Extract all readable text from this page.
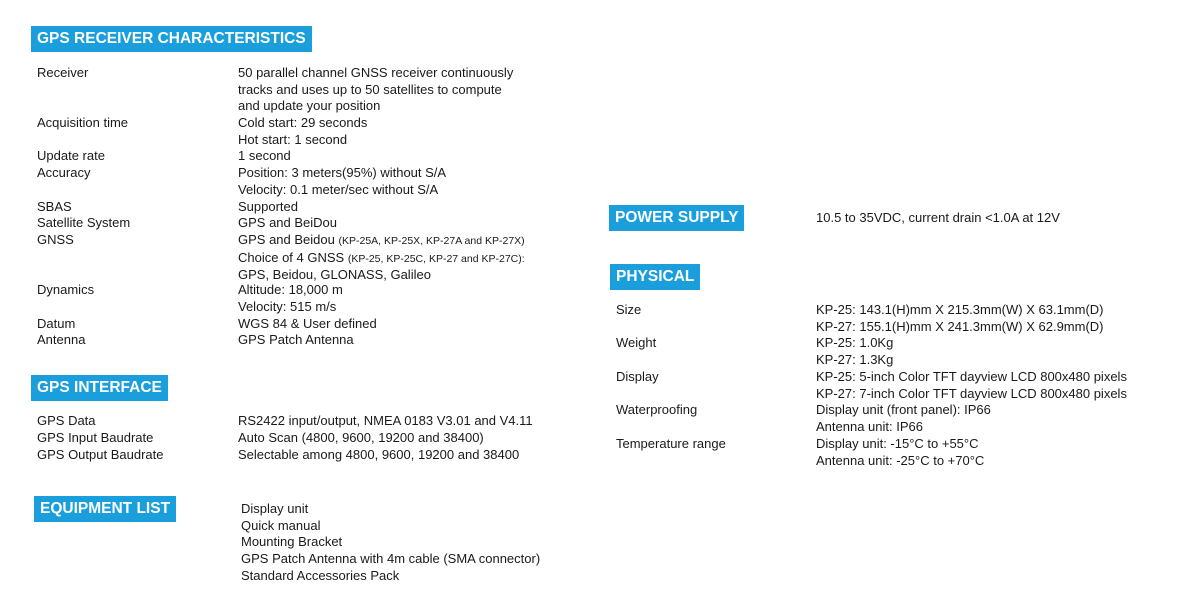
GPS RECEIVER CHARACTERISTICS
Receiver	50 parallel channel GNSS receiver continuously
tracks and uses up to 50 satellites to compute
and update your position
Acquisition time	Cold start: 29 seconds
Hot start: 1 second
Update rate	1 second
Accuracy	Position: 3 meters(95%) without S/A
Velocity: 0.1 meter/sec without S/A
SBAS	Supported
Satellite System	GPS and BeiDou
GNSS	GPS and Beidou (KP-25A, KP-25X, KP-27A and KP-27X)
Choice of 4 GNSS (KP-25, KP-25C, KP-27 and KP-27C):
GPS, Beidou, GLONASS, Galileo
Dynamics	Altitude: 18,000 m
Velocity: 515 m/s
Datum	WGS 84 & User defined
Antenna	GPS Patch Antenna
GPS INTERFACE
GPS Data	RS2422 input/output, NMEA 0183 V3.01 and V4.11
GPS Input Baudrate	Auto Scan (4800, 9600, 19200 and 38400)
GPS Output Baudrate	Selectable among 4800, 9600, 19200 and 38400
EQUIPMENT LIST	Display unit
Quick manual
Mounting Bracket
GPS Patch Antenna with 4m cable (SMA connector)
Standard Accessories Pack
POWER SUPPLY	10.5 to 35VDC, current drain <1.0A at 12V
PHYSICAL
Size	KP-25: 143.1(H)mm X 215.3mm(W) X 63.1mm(D)
KP-27: 155.1(H)mm X 241.3mm(W) X 62.9mm(D)
Weight	KP-25: 1.0Kg
KP-27: 1.3Kg
Display	KP-25: 5-inch Color TFT dayview LCD 800x480 pixels
KP-27: 7-inch Color TFT dayview LCD 800x480 pixels
Waterproofing	Display unit (front panel): IP66
Antenna unit: IP66
Temperature range	Display unit: -15°C to +55°C
Antenna unit: -25°C to +70°C
